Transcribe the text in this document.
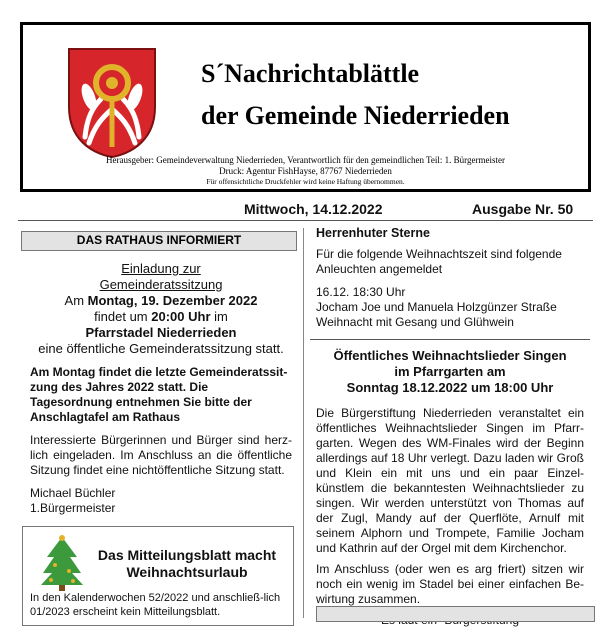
S´Nachrichtablättle
der Gemeinde Niederrieden
Herausgeber: Gemeindeverwaltung Niederrieden, Verantwortlich für den gemeindlichen Teil: 1. Bürgermeister
Druck: Agentur FishHayse, 87767 Niederrieden
Für offensichtliche Druckfehler wird keine Haftung übernommen.
Mittwoch, 14.12.2022	Ausgabe Nr. 50
DAS RATHAUS INFORMIERT
Einladung zur
Gemeinderatssitzung
Am Montag, 19. Dezember 2022
findet um 20:00 Uhr im
Pfarrstadel Niederrieden
eine öffentliche Gemeinderatssitzung statt.

Am Montag findet die letzte Gemeinderatssit-zung des Jahres 2022 statt. Die Tagesordnung entnehmen Sie bitte der Anschlagtafel am Rathaus

Interessierte Bürgerinnen und Bürger sind herz-lich eingeladen. Im Anschluss an die öffentliche Sitzung findet eine nichtöffentliche Sitzung statt.

Michael Büchler

1.Bürgermeister

Das Mitteilungsblatt macht Weihnachtsurlaub
In den Kalenderwochen 52/2022 und anschließ-lich 01/2023 erscheint kein Mitteilungsblatt.
Herrenhuter Sterne

Für die folgende Weihnachtszeit sind folgende Anleuchten angemeldet

16.12. 18:30 Uhr

Jocham Joe und Manuela Holzgünzer Straße

Weihnacht mit Gesang und Glühwein

Öffentliches Weihnachtslieder Singen
im Pfarrgarten am
Sonntag 18.12.2022 um 18:00 Uhr

Die Bürgerstiftung Niederrieden veranstaltet ein öffentliches Weihnachtslieder Singen im Pfarr-garten. Wegen des WM-Finales wird der Beginn allerdings auf 18 Uhr verlegt. Dazu laden wir Groß und Klein ein mit uns und ein paar Einzel-künstlem die bekanntesten Weihnachtslieder zu singen. Wir werden unterstützt von Thomas auf der Zugl, Mandy auf der Querflöte, Arnulf mit seinem Alphorn und Trompete, Familie Jocham und Kathrin auf der Orgel mit dem Kirchenchor.

Im Anschluss (oder wen es arg friert) sitzen wir noch ein wenig im Stadel bei einer einfachen Be-wirtung zusammen.
